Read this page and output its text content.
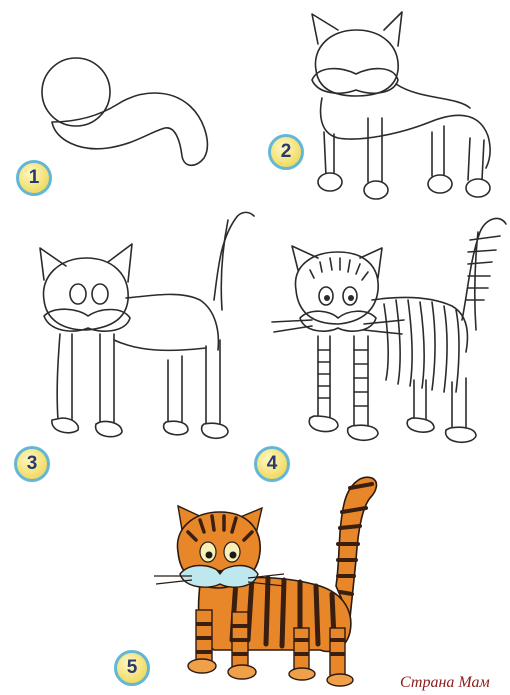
1
2
3	4
5
Страна Мам
